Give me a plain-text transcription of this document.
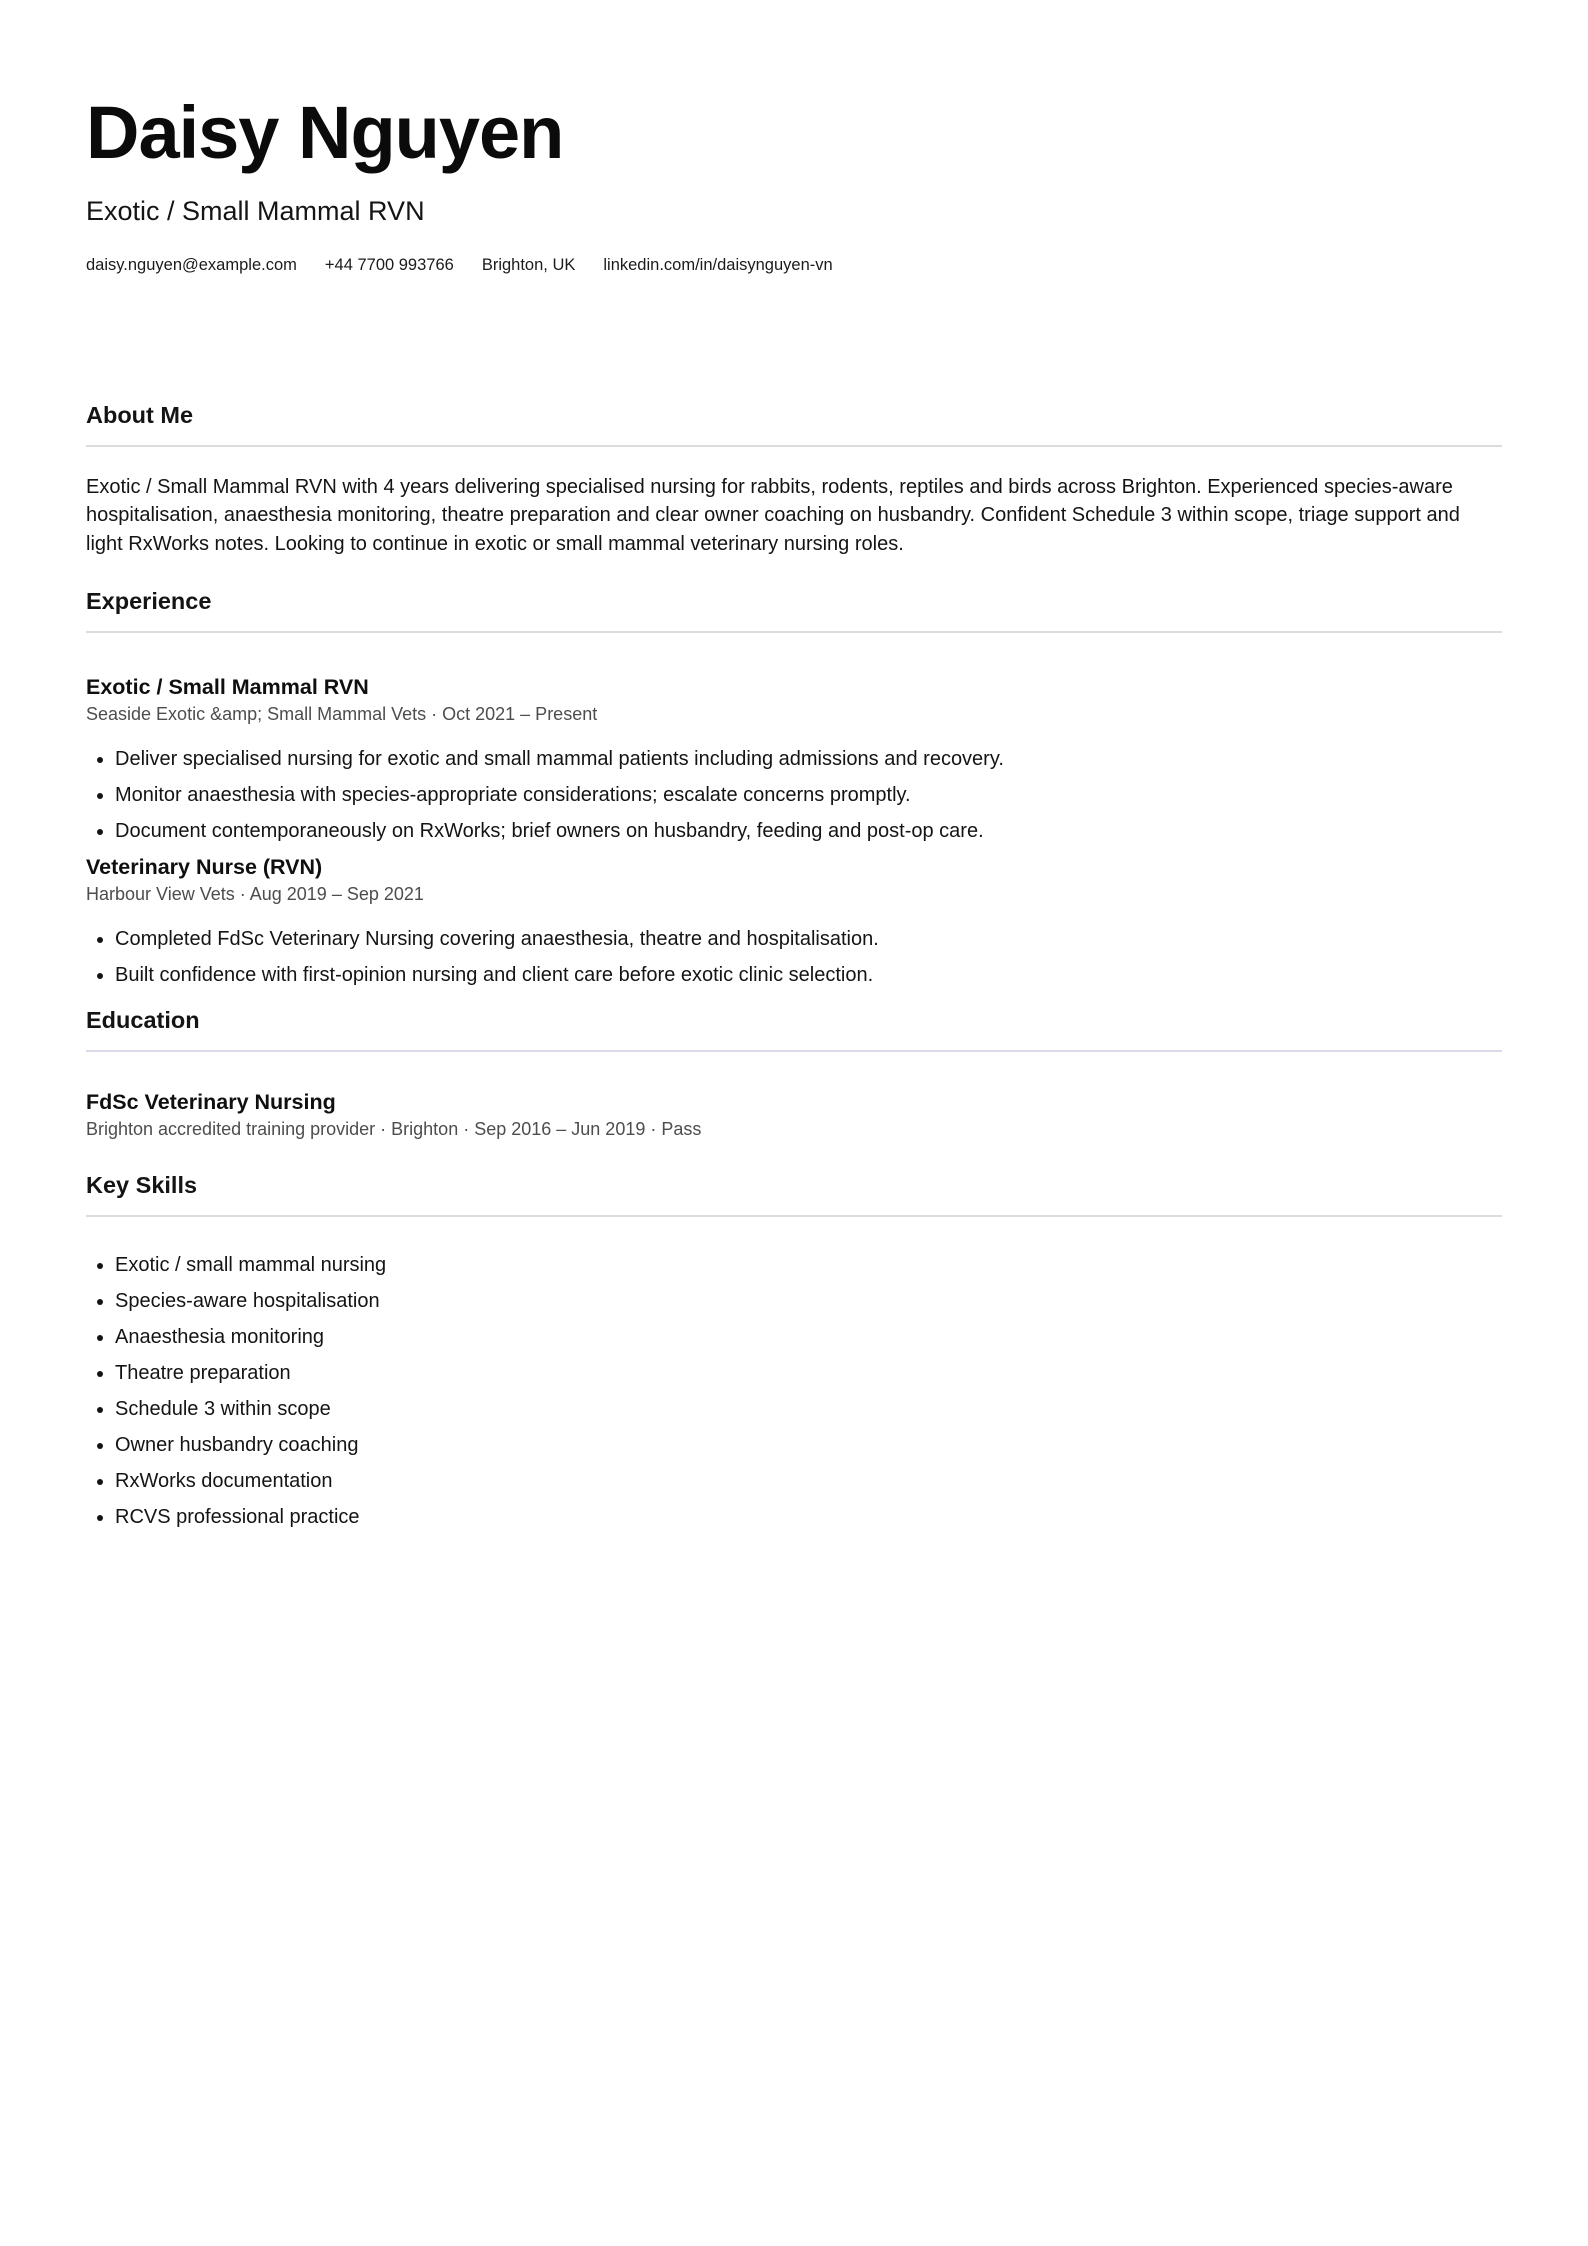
Daisy Nguyen
Exotic / Small Mammal RVN
daisy.nguyen@example.com +44 7700 993766 Brighton, UK linkedin.com/in/daisynguyen-vn
About Me

Exotic / Small Mammal RVN with 4 years delivering specialised nursing for rabbits, rodents, reptiles and birds across Brighton. Experienced species-aware hospitalisation, anaesthesia monitoring, theatre preparation and clear owner coaching on husbandry. Confident Schedule 3 within scope, triage support and light RxWorks notes. Looking to continue in exotic or small mammal veterinary nursing roles.

Experience
Exotic / Small Mammal RVN
Seaside Exotic &amp; Small Mammal Vets · Oct 2021 – Present
• Deliver specialised nursing for exotic and small mammal patients including admissions and recovery.
• Monitor anaesthesia with species-appropriate considerations; escalate concerns promptly.
• Document contemporaneously on RxWorks; brief owners on husbandry, feeding and post-op care.
Veterinary Nurse (RVN)
Harbour View Vets · Aug 2019 – Sep 2021
• Completed FdSc Veterinary Nursing covering anaesthesia, theatre and hospitalisation.
• Built confidence with first-opinion nursing and client care before exotic clinic selection.
Education
FdSc Veterinary Nursing
Brighton accredited training provider · Brighton · Sep 2016 – Jun 2019 · Pass
Key Skills
• Exotic / small mammal nursing
• Species-aware hospitalisation
• Anaesthesia monitoring
• Theatre preparation
• Schedule 3 within scope
• Owner husbandry coaching
• RxWorks documentation
• RCVS professional practice
